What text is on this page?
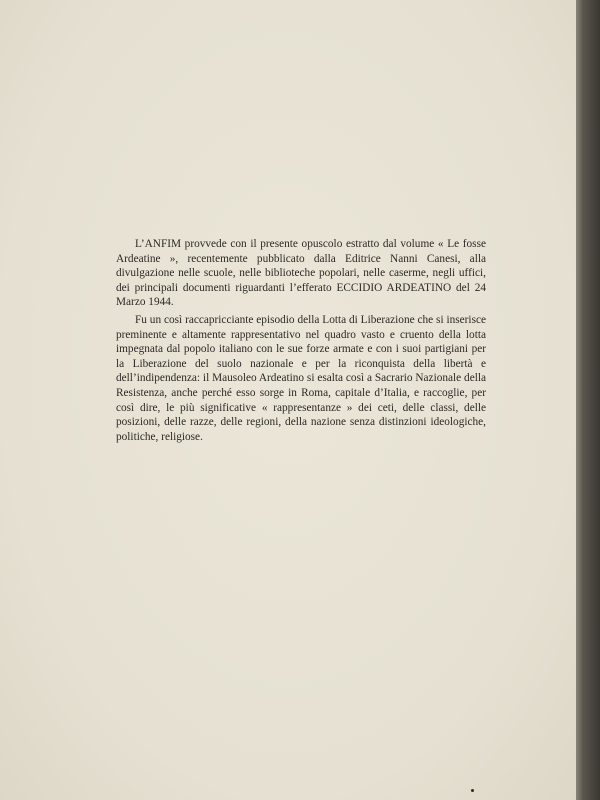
L’ANFIM provvede con il presente opuscolo estratto dal volume « Le fosse Ardeatine », recentemente pubblicato dalla Editrice Nanni Canesi, alla divulgazione nelle scuole, nelle biblioteche popolari, nelle caserme, negli uffici, dei principali documenti riguardanti l’efferato ECCIDIO ARDEATINO del 24 Marzo 1944.

Fu un così raccapricciante episodio della Lotta di Liberazione che si inserisce preminente e altamente rappresentativo nel quadro vasto e cruento della lotta impegnata dal popolo italiano con le sue forze armate e con i suoi partigiani per la Liberazione del suolo nazionale e per la riconquista della libertà e dell’indipendenza: il Mausoleo Ardeatino si esalta così a Sacrario Nazionale della Resistenza, anche perché esso sorge in Roma, capitale d’Italia, e raccoglie, per così dire, le più significative « rappresentanze » dei ceti, delle classi, delle posizioni, delle razze, delle regioni, della nazione senza distinzioni ideologiche, politiche, religiose.
